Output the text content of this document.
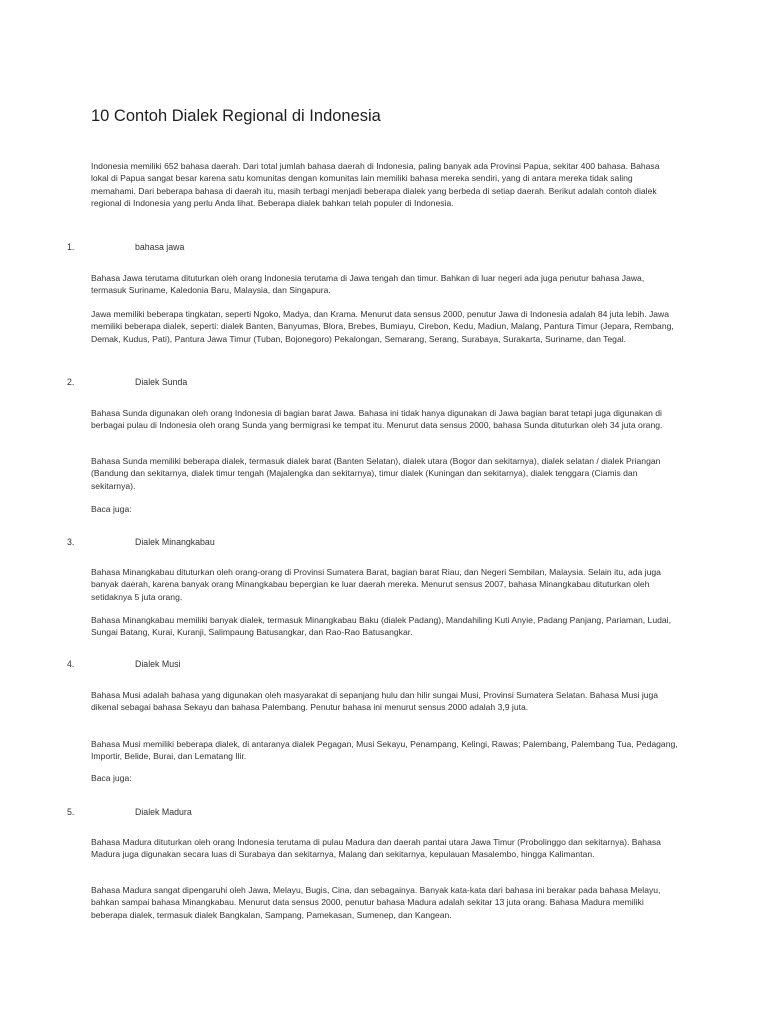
10 Contoh Dialek Regional di Indonesia

Indonesia memiliki 652 bahasa daerah. Dari total jumlah bahasa daerah di Indonesia, paling banyak ada Provinsi Papua, sekitar 400 bahasa. Bahasa lokal di Papua sangat besar karena satu komunitas dengan komunitas lain memiliki bahasa mereka sendiri, yang di antara mereka tidak saling memahami. Dari beberapa bahasa di daerah itu, masih terbagi menjadi beberapa dialek yang berbeda di setiap daerah. Berikut adalah contoh dialek regional di Indonesia yang perlu Anda lihat. Beberapa dialek bahkan telah populer di Indonesia.

1.	bahasa jawa

Bahasa Jawa terutama dituturkan oleh orang Indonesia terutama di Jawa tengah dan timur. Bahkan di luar negeri ada juga penutur bahasa Jawa, termasuk Suriname, Kaledonia Baru, Malaysia, dan Singapura.

Jawa memiliki beberapa tingkatan, seperti Ngoko, Madya, dan Krama. Menurut data sensus 2000, penutur Jawa di Indonesia adalah 84 juta lebih. Jawa memiliki beberapa dialek, seperti: dialek Banten, Banyumas, Blora, Brebes, Bumiayu, Cirebon, Kedu, Madiun, Malang, Pantura Timur (Jepara, Rembang, Demak, Kudus, Pati), Pantura Jawa Timur (Tuban, Bojonegoro) Pekalongan, Semarang, Serang, Surabaya, Surakarta, Suriname, dan Tegal.

2.	Dialek Sunda

Bahasa Sunda digunakan oleh orang Indonesia di bagian barat Jawa. Bahasa ini tidak hanya digunakan di Jawa bagian barat tetapi juga digunakan di berbagai pulau di Indonesia oleh orang Sunda yang bermigrasi ke tempat itu. Menurut data sensus 2000, bahasa Sunda dituturkan oleh 34 juta orang.

Bahasa Sunda memiliki beberapa dialek, termasuk dialek barat (Banten Selatan), dialek utara (Bogor dan sekitarnya), dialek selatan / dialek Priangan (Bandung dan sekitarnya, dialek timur tengah (Majalengka dan sekitarnya), timur dialek (Kuningan dan sekitarnya), dialek tenggara (Ciamis dan sekitarnya).

Baca juga:

3.	Dialek Minangkabau

Bahasa Minangkabau dituturkan oleh orang-orang di Provinsi Sumatera Barat, bagian barat Riau, dan Negeri Sembilan, Malaysia. Selain itu, ada juga banyak daerah, karena banyak orang Minangkabau bepergian ke luar daerah mereka. Menurut sensus 2007, bahasa Minangkabau dituturkan oleh setidaknya 5 juta orang.

Bahasa Minangkabau memiliki banyak dialek, termasuk Minangkabau Baku (dialek Padang), Mandahiling Kuti Anyie, Padang Panjang, Pariaman, Ludai, Sungai Batang, Kurai, Kuranji, Salimpaung Batusangkar, dan Rao-Rao Batusangkar.

4.	Dialek Musi

Bahasa Musi adalah bahasa yang digunakan oleh masyarakat di sepanjang hulu dan hilir sungai Musi, Provinsi Sumatera Selatan. Bahasa Musi juga dikenal sebagai bahasa Sekayu dan bahasa Palembang. Penutur bahasa ini menurut sensus 2000 adalah 3,9 juta.

Bahasa Musi memiliki beberapa dialek, di antaranya dialek Pegagan, Musi Sekayu, Penampang, Kelingi, Rawas; Palembang, Palembang Tua, Pedagang, Importir, Belide, Burai, dan Lematang Ilir.

Baca juga:

5.	Dialek Madura

Bahasa Madura dituturkan oleh orang Indonesia terutama di pulau Madura dan daerah pantai utara Jawa Timur (Probolinggo dan sekitarnya). Bahasa Madura juga digunakan secara luas di Surabaya dan sekitarnya, Malang dan sekitarnya, kepulauan Masalembo, hingga Kalimantan.

Bahasa Madura sangat dipengaruhi oleh Jawa, Melayu, Bugis, Cina, dan sebagainya. Banyak kata-kata dari bahasa ini berakar pada bahasa Melayu, bahkan sampai bahasa Minangkabau. Menurut data sensus 2000, penutur bahasa Madura adalah sekitar 13 juta orang. Bahasa Madura memiliki beberapa dialek, termasuk dialek Bangkalan, Sampang, Pamekasan, Sumenep, dan Kangean.
